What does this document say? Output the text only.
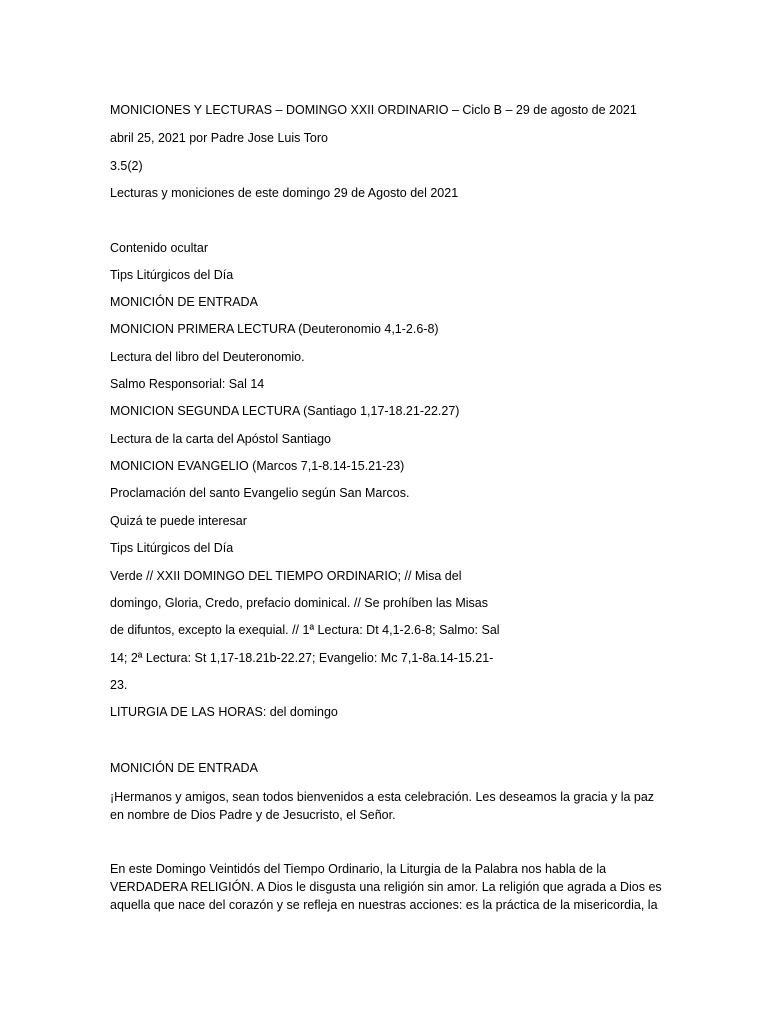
MONICIONES Y LECTURAS – DOMINGO XXII ORDINARIO – Ciclo B – 29 de agosto de 2021
abril 25, 2021 por Padre Jose Luis Toro
3.5(2)
Lecturas y moniciones de este domingo 29 de Agosto del 2021
Contenido ocultar
Tips Litúrgicos del Día
MONICIÓN DE ENTRADA
MONICION PRIMERA LECTURA (Deuteronomio 4,1-2.6-8)
Lectura del libro del Deuteronomio.
Salmo Responsorial: Sal 14
MONICION SEGUNDA LECTURA (Santiago 1,17-18.21-22.27)
Lectura de la carta del Apóstol Santiago
MONICION EVANGELIO (Marcos 7,1-8.14-15.21-23)
Proclamación del santo Evangelio según San Marcos.
Quizá te puede interesar
Tips Litúrgicos del Día
Verde // XXII DOMINGO DEL TIEMPO ORDINARIO; // Misa del
domingo, Gloria, Credo, prefacio dominical. // Se prohíben las Misas
de difuntos, excepto la exequial. // 1ª Lectura: Dt 4,1-2.6-8; Salmo: Sal
14; 2ª Lectura: St 1,17-18.21b-22.27; Evangelio: Mc 7,1-8a.14-15.21-
23.
LITURGIA DE LAS HORAS: del domingo
MONICIÓN DE ENTRADA
¡Hermanos y amigos, sean todos bienvenidos a esta celebración. Les deseamos la gracia y la paz en nombre de Dios Padre y de Jesucristo, el Señor.
En este Domingo Veintidós del Tiempo Ordinario, la Liturgia de la Palabra nos habla de la VERDADERA RELIGIÓN. A Dios le disgusta una religión sin amor. La religión que agrada a Dios es aquella que nace del corazón y se refleja en nuestras acciones: es la práctica de la misericordia, la
